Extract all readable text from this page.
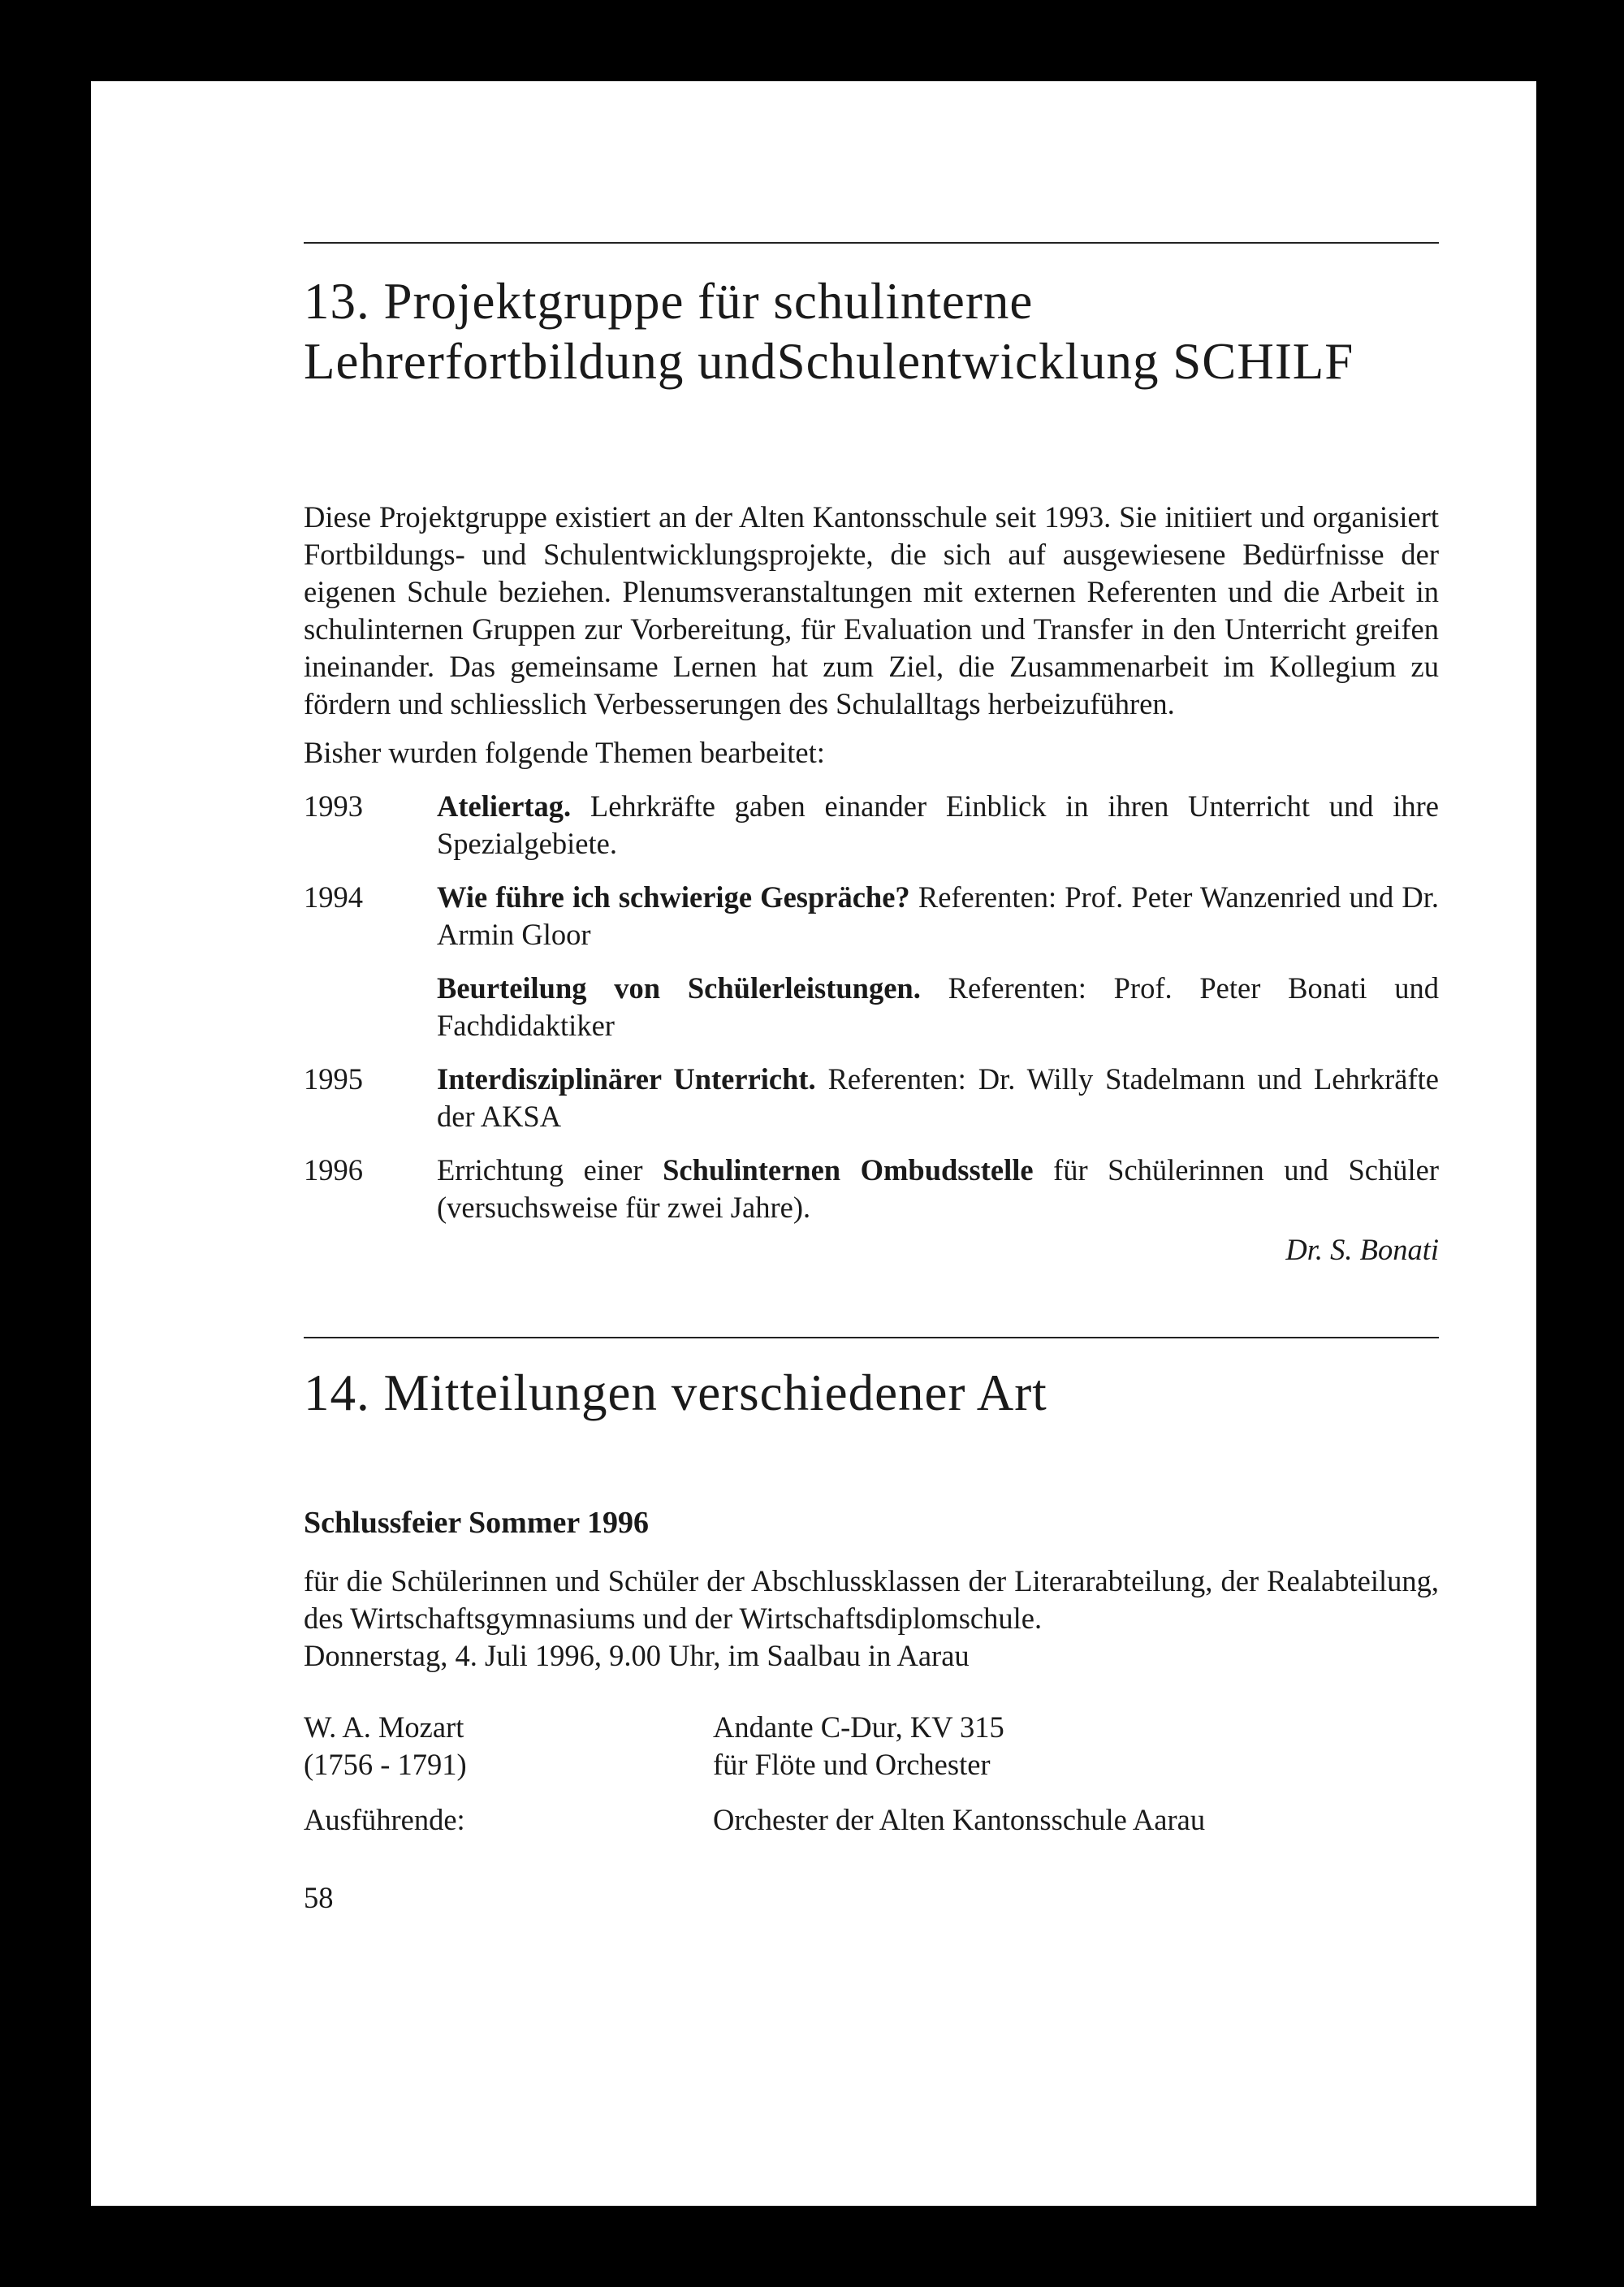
13. Projektgruppe für schulinterne
Lehrerfortbildung undSchulentwicklung SCHILF

Diese Projektgruppe existiert an der Alten Kantonsschule seit 1993. Sie initiiert und organisiert Fortbildungs- und Schulentwicklungsprojekte, die sich auf ausgewiesene Bedürfnisse der eigenen Schule beziehen. Plenumsveranstaltungen mit externen Referenten und die Arbeit in schulinternen Gruppen zur Vorbereitung, für Evaluation und Transfer in den Unterricht greifen ineinander. Das gemeinsame Lernen hat zum Ziel, die Zusammenarbeit im Kollegium zu fördern und schliesslich Verbesserungen des Schulalltags herbeizuführen.

Bisher wurden folgende Themen bearbeitet:

1993	Ateliertag. Lehrkräfte gaben einander Einblick in ihren Unterricht und ihre Spezialgebiete.
1994	Wie führe ich schwierige Gespräche? Referenten: Prof. Peter Wanzenried und Dr. Armin Gloor
Beurteilung von Schülerleistungen. Referenten: Prof. Peter Bonati und Fachdidaktiker
1995	Interdisziplinärer Unterricht. Referenten: Dr. Willy Stadelmann und Lehrkräfte der AKSA
1996	Errichtung einer Schulinternen Ombudsstelle für Schülerinnen und Schüler (versuchsweise für zwei Jahre).
Dr. S. Bonati
14. Mitteilungen verschiedener Art

Schlussfeier Sommer 1996

für die Schülerinnen und Schüler der Abschlussklassen der Literarabteilung, der Realabteilung, des Wirtschaftsgymnasiums und der Wirtschaftsdiplomschule.

Donnerstag, 4. Juli 1996, 9.00 Uhr, im Saalbau in Aarau

W. A. Mozart	Andante C-Dur, KV 315
(1756 - 1791)	für Flöte und Orchester
Ausführende:	Orchester der Alten Kantonsschule Aarau
58
